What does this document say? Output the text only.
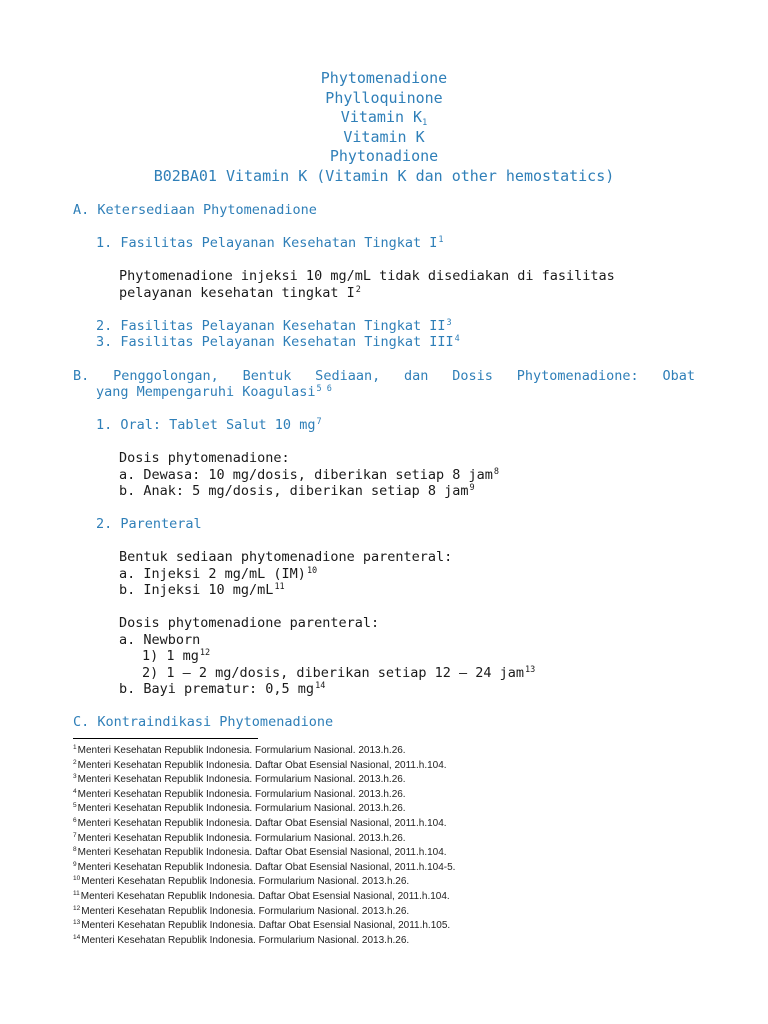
Phytomenadione
Phylloquinone
Vitamin $K_1$
Vitamin K
Phytonadione
B02BA01 Vitamin K (Vitamin K dan other hemostatics)
A. Ketersediaan Phytomenadione
1. Fasilitas Pelayanan Kesehatan Tingkat $I^1$
Phytomenadione injeksi 10 mg/mL tidak disediakan di fasilitas
pelayanan kesehatan tingkat $I^2$
2. Fasilitas Pelayanan Kesehatan Tingkat $II^3$
3. Fasilitas Pelayanan Kesehatan Tingkat III$^4$
B. Penggolongan, Bentuk Sediaan, dan Dosis Phytomenadione: Obat
yang Mempengaruhi Koagulasi$^{5 6}$
1. Oral: Tablet Salut 10 $mg^7$
Dosis phytomenadione:
a. Dewasa: 10 mg/dosis, diberikan setiap 8 jam$^8$
b. Anak: 5 mg/dosis, diberikan setiap 8 jam$^9$
2. Parenteral
Bentuk sediaan phytomenadione parenteral:
a. Injeksi 2 mg/mL (IM)$^{10}$
b. Injeksi 10 $mg/mL^{11}$
Dosis phytomenadione parenteral:
a. Newborn
1) 1 $mg^{12}$
2) 1 – 2 mg/dosis, diberikan setiap 12 – 24 jam$^{13}$
b. Bayi prematur: 0,5 $mg^{14}$
C. Kontraindikasi Phytomenadione
$^1$Menteri Kesehatan Republik Indonesia. Formularium Nasional. 2013.h.26.
$^2$Menteri Kesehatan Republik Indonesia. Daftar Obat Esensial Nasional, 2011.h.104.
$^3$Menteri Kesehatan Republik Indonesia. Formularium Nasional. 2013.h.26.
$^4$Menteri Kesehatan Republik Indonesia. Formularium Nasional. 2013.h.26.
$^5$Menteri Kesehatan Republik Indonesia. Formularium Nasional. 2013.h.26.
$^6$Menteri Kesehatan Republik Indonesia. Daftar Obat Esensial Nasional, 2011.h.104.
$^7$Menteri Kesehatan Republik Indonesia. Formularium Nasional. 2013.h.26.
$^8$Menteri Kesehatan Republik Indonesia. Daftar Obat Esensial Nasional, 2011.h.104.
$^9$Menteri Kesehatan Republik Indonesia. Daftar Obat Esensial Nasional, 2011.h.104-5.
$^{10}$Menteri Kesehatan Republik Indonesia. Formularium Nasional. 2013.h.26.
$^{11}$Menteri Kesehatan Republik Indonesia. Daftar Obat Esensial Nasional, 2011.h.104.
$^{12}$Menteri Kesehatan Republik Indonesia. Formularium Nasional. 2013.h.26.
$^{13}$Menteri Kesehatan Republik Indonesia. Daftar Obat Esensial Nasional, 2011.h.105.
$^{14}$Menteri Kesehatan Republik Indonesia. Formularium Nasional. 2013.h.26.
